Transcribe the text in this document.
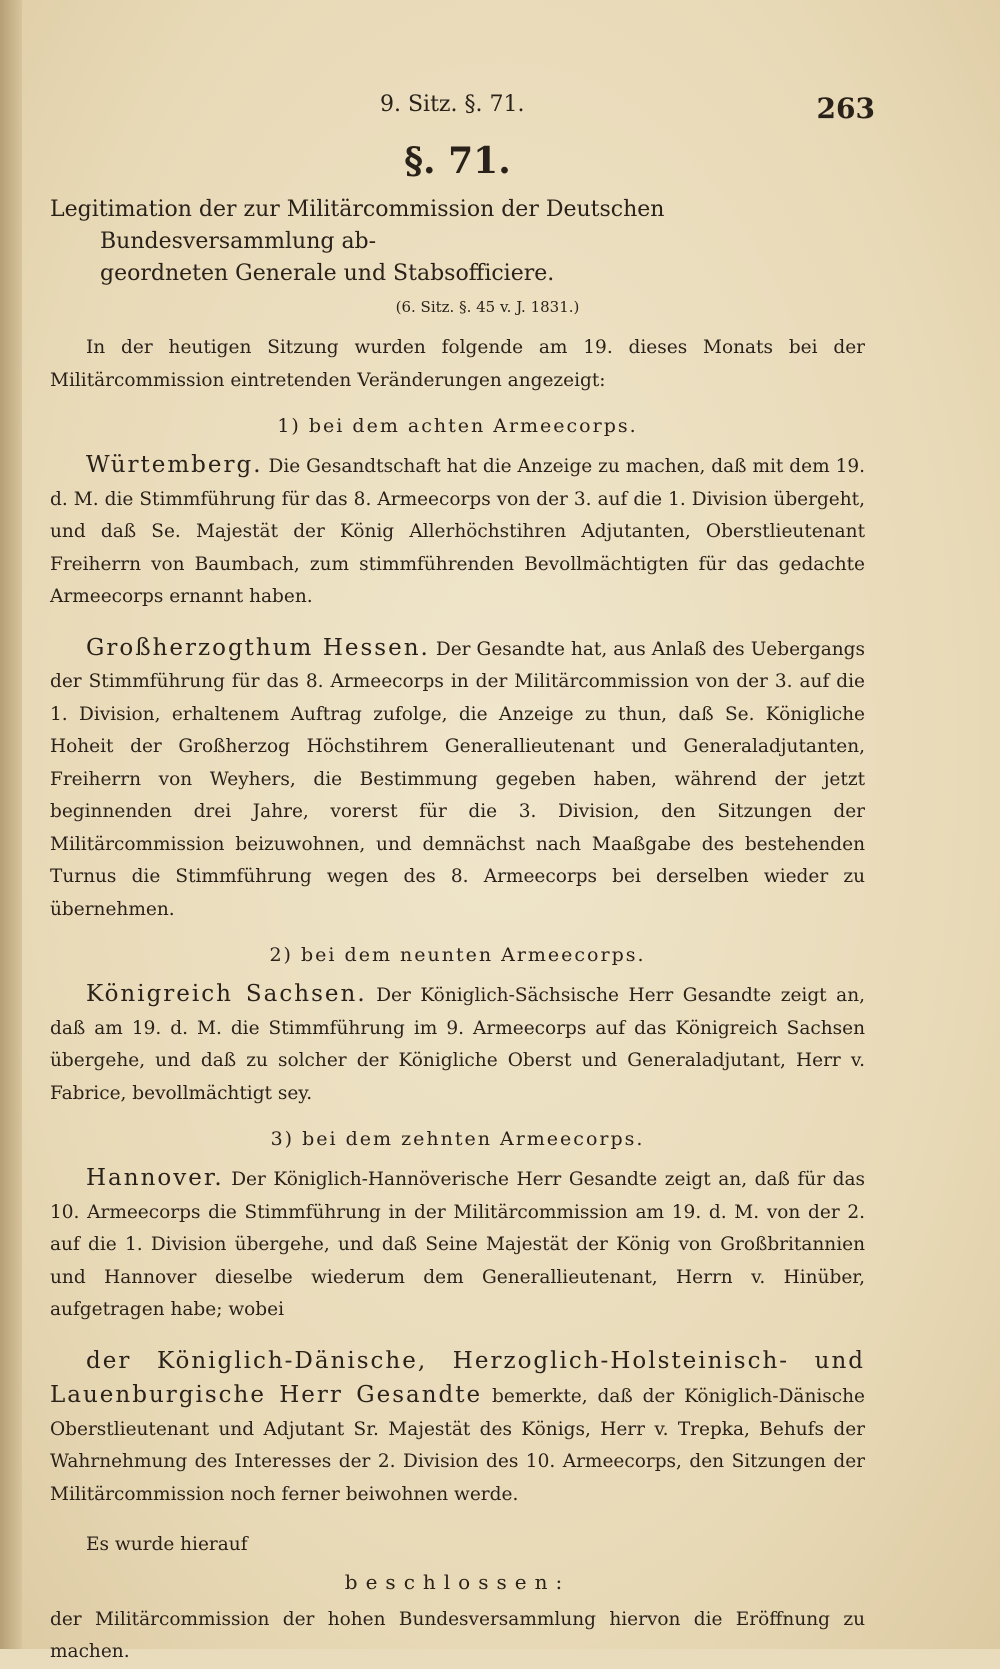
9. Sitz. §. 71.	263
§. 71.
Legitimation der zur Militärcommission der Deutschen Bundesversammlung ab-
geordneten Generale und Stabsofficiere.
(6. Sitz. §. 45 v. J. 1831.)

In der heutigen Sitzung wurden folgende am 19. dieses Monats bei der Militärcommission eintretenden Veränderungen angezeigt:

1) bei dem achten Armeecorps.

Würtemberg. Die Gesandtschaft hat die Anzeige zu machen, daß mit dem 19. d. M. die Stimmführung für das 8. Armeecorps von der 3. auf die 1. Division übergeht, und daß Se. Majestät der König Allerhöchstihren Adjutanten, Oberstlieutenant Freiherrn von Baumbach, zum stimmführenden Bevollmächtigten für das gedachte Armeecorps ernannt haben.

Großherzogthum Hessen. Der Gesandte hat, aus Anlaß des Uebergangs der Stimmführung für das 8. Armeecorps in der Militärcommission von der 3. auf die 1. Division, erhaltenem Auftrag zufolge, die Anzeige zu thun, daß Se. Königliche Hoheit der Großherzog Höchstihrem Generallieutenant und Generaladjutanten, Freiherrn von Weyhers, die Bestimmung gegeben haben, während der jetzt beginnenden drei Jahre, vorerst für die 3. Division, den Sitzungen der Militärcommission beizuwohnen, und demnächst nach Maaßgabe des bestehenden Turnus die Stimmführung wegen des 8. Armeecorps bei derselben wieder zu übernehmen.

2) bei dem neunten Armeecorps.

Königreich Sachsen. Der Königlich-Sächsische Herr Gesandte zeigt an, daß am 19. d. M. die Stimmführung im 9. Armeecorps auf das Königreich Sachsen übergehe, und daß zu solcher der Königliche Oberst und Generaladjutant, Herr v. Fabrice, bevollmächtigt sey.

3) bei dem zehnten Armeecorps.

Hannover. Der Königlich-Hannöverische Herr Gesandte zeigt an, daß für das 10. Armeecorps die Stimmführung in der Militärcommission am 19. d. M. von der 2. auf die 1. Division übergehe, und daß Seine Majestät der König von Großbritannien und Hannover dieselbe wiederum dem Generallieutenant, Herrn v. Hinüber, aufgetragen habe; wobei

der Königlich-Dänische, Herzoglich-Holsteinisch- und Lauenburgische Herr Gesandte bemerkte, daß der Königlich-Dänische Oberstlieutenant und Adjutant Sr. Majestät des Königs, Herr v. Trepka, Behufs der Wahrnehmung des Interesses der 2. Division des 10. Armeecorps, den Sitzungen der Militärcommission noch ferner beiwohnen werde.

Es wurde hierauf

beschlossen:

der Militärcommission der hohen Bundesversammlung hiervon die Eröffnung zu machen.
